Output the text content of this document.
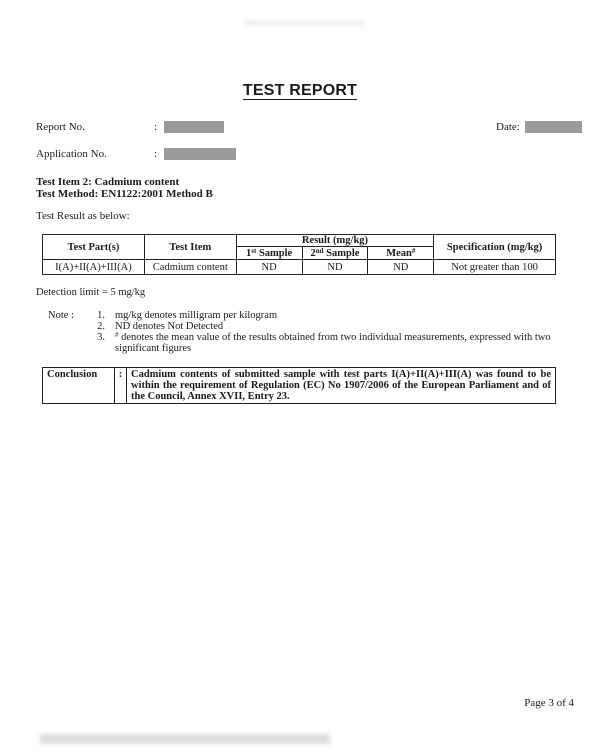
TEST REPORT
Report No.	:	Date:
Application No.	:
Test Item 2: Cadmium content
Test Method: EN1122:2001 Method B
Test Result as below:
Test Part(s)	Test Item	Result (mg/kg)			Specification (mg/kg)
		1st Sample	2nd Sample	Mean#
I(A)+II(A)+III(A)	Cadmium content	ND	ND	ND	Not greater than 100
Detection limit = 5 mg/kg
Note :	1. mg/kg denotes milligram per kilogram
2. ND denotes Not Detected
3. # denotes the mean value of the results obtained from two individual measurements, expressed with two significant figures
Conclusion	:	Cadmium contents of submitted sample with test parts I(A)+II(A)+III(A) was found to be within the requirement of Regulation (EC) No 1907/2006 of the European Parliament and of the Council, Annex XVII, Entry 23.
Page 3 of 4
